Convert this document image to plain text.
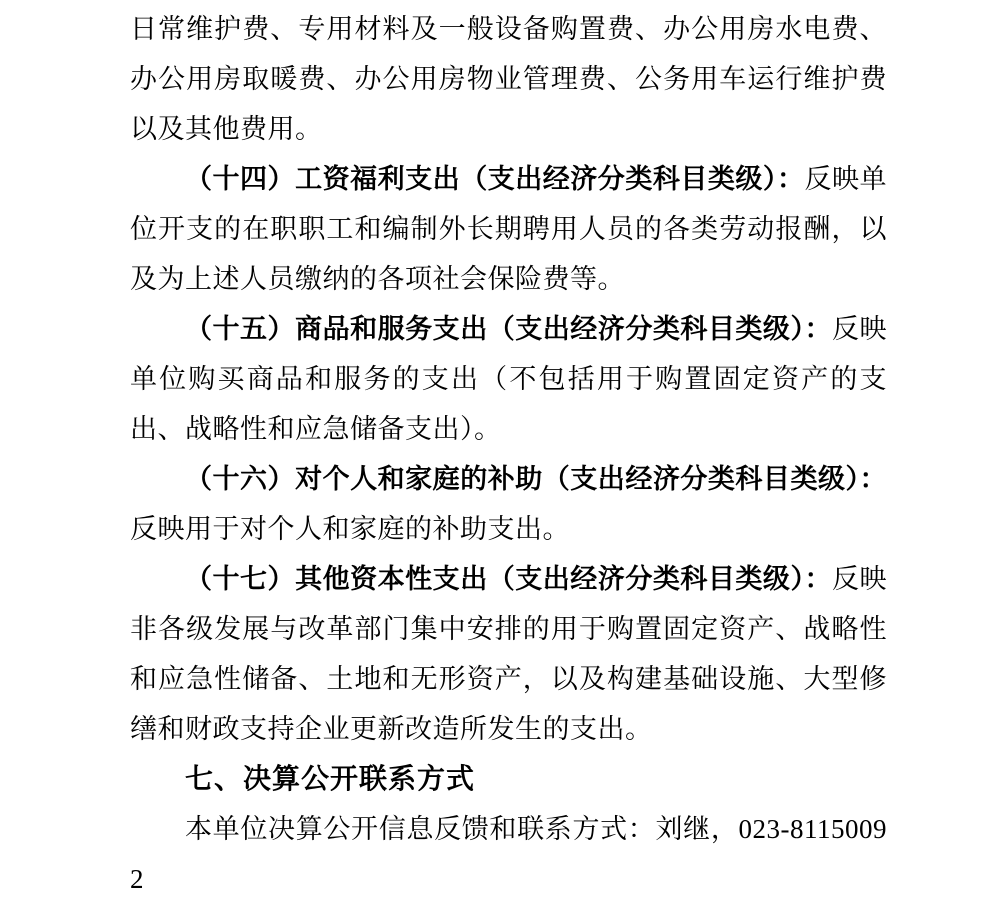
日常维护费、专用材料及一般设备购置费、办公用房水电费、办公用房取暖费、办公用房物业管理费、公务用车运行维护费以及其他费用。

（十四）工资福利支出（支出经济分类科目类级）：反映单位开支的在职职工和编制外长期聘用人员的各类劳动报酬，以及为上述人员缴纳的各项社会保险费等。

（十五）商品和服务支出（支出经济分类科目类级）：反映单位购买商品和服务的支出（不包括用于购置固定资产的支出、战略性和应急储备支出）。

（十六）对个人和家庭的补助（支出经济分类科目类级）：反映用于对个人和家庭的补助支出。

（十七）其他资本性支出（支出经济分类科目类级）：反映非各级发展与改革部门集中安排的用于购置固定资产、战略性和应急性储备、土地和无形资产，以及构建基础设施、大型修缮和财政支持企业更新改造所发生的支出。

七、决算公开联系方式

本单位决算公开信息反馈和联系方式：刘继，023-81150092
